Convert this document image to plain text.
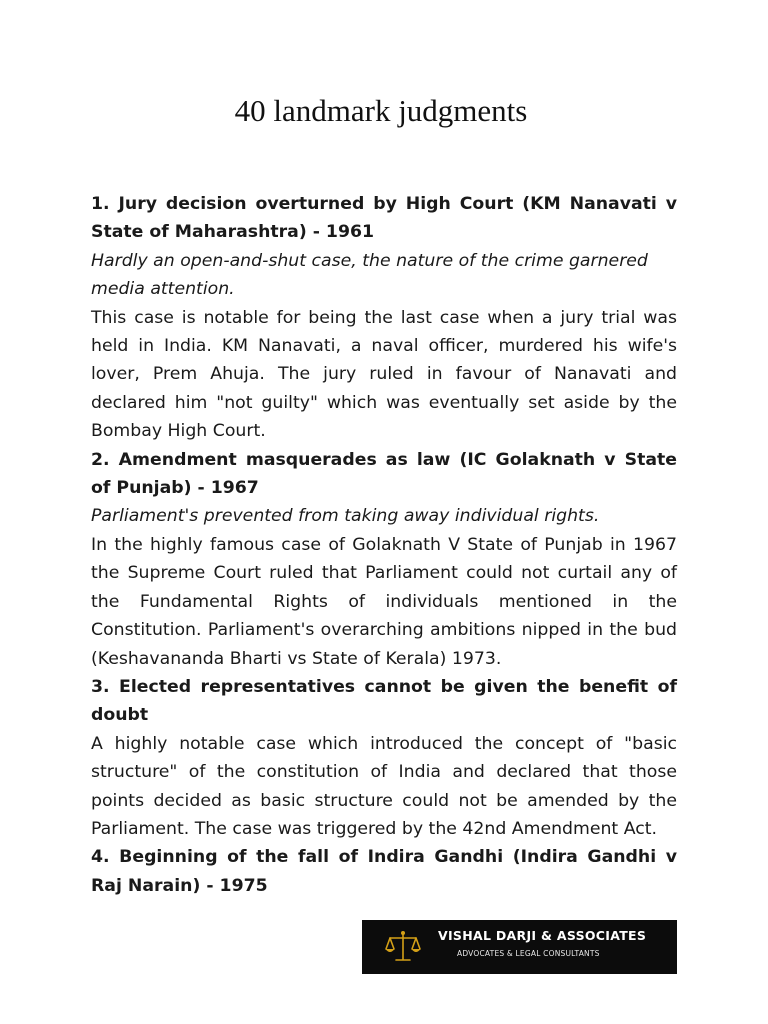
40 landmark judgments

1. Jury decision overturned by High Court (KM Nanavati v State of Maharashtra) - 1961

Hardly an open-and-shut case, the nature of the crime garnered media attention.

This case is notable for being the last case when a jury trial was held in India. KM Nanavati, a naval officer, murdered his wife's lover, Prem Ahuja. The jury ruled in favour of Nanavati and declared him "not guilty" which was eventually set aside by the Bombay High Court.

2. Amendment masquerades as law (IC Golaknath v State of Punjab) - 1967

Parliament's prevented from taking away individual rights.

In the highly famous case of Golaknath V State of Punjab in 1967 the Supreme Court ruled that Parliament could not curtail any of the Fundamental Rights of individuals mentioned in the Constitution. Parliament's overarching ambitions nipped in the bud (Keshavananda Bharti vs State of Kerala) 1973.

3. Elected representatives cannot be given the benefit of doubt

A highly notable case which introduced the concept of "basic structure" of the constitution of India and declared that those points decided as basic structure could not be amended by the Parliament. The case was triggered by the 42nd Amendment Act.

4. Beginning of the fall of Indira Gandhi (Indira Gandhi v Raj Narain) - 1975

VISHAL DARJI & ASSOCIATES
ADVOCATES & LEGAL CONSULTANTS
